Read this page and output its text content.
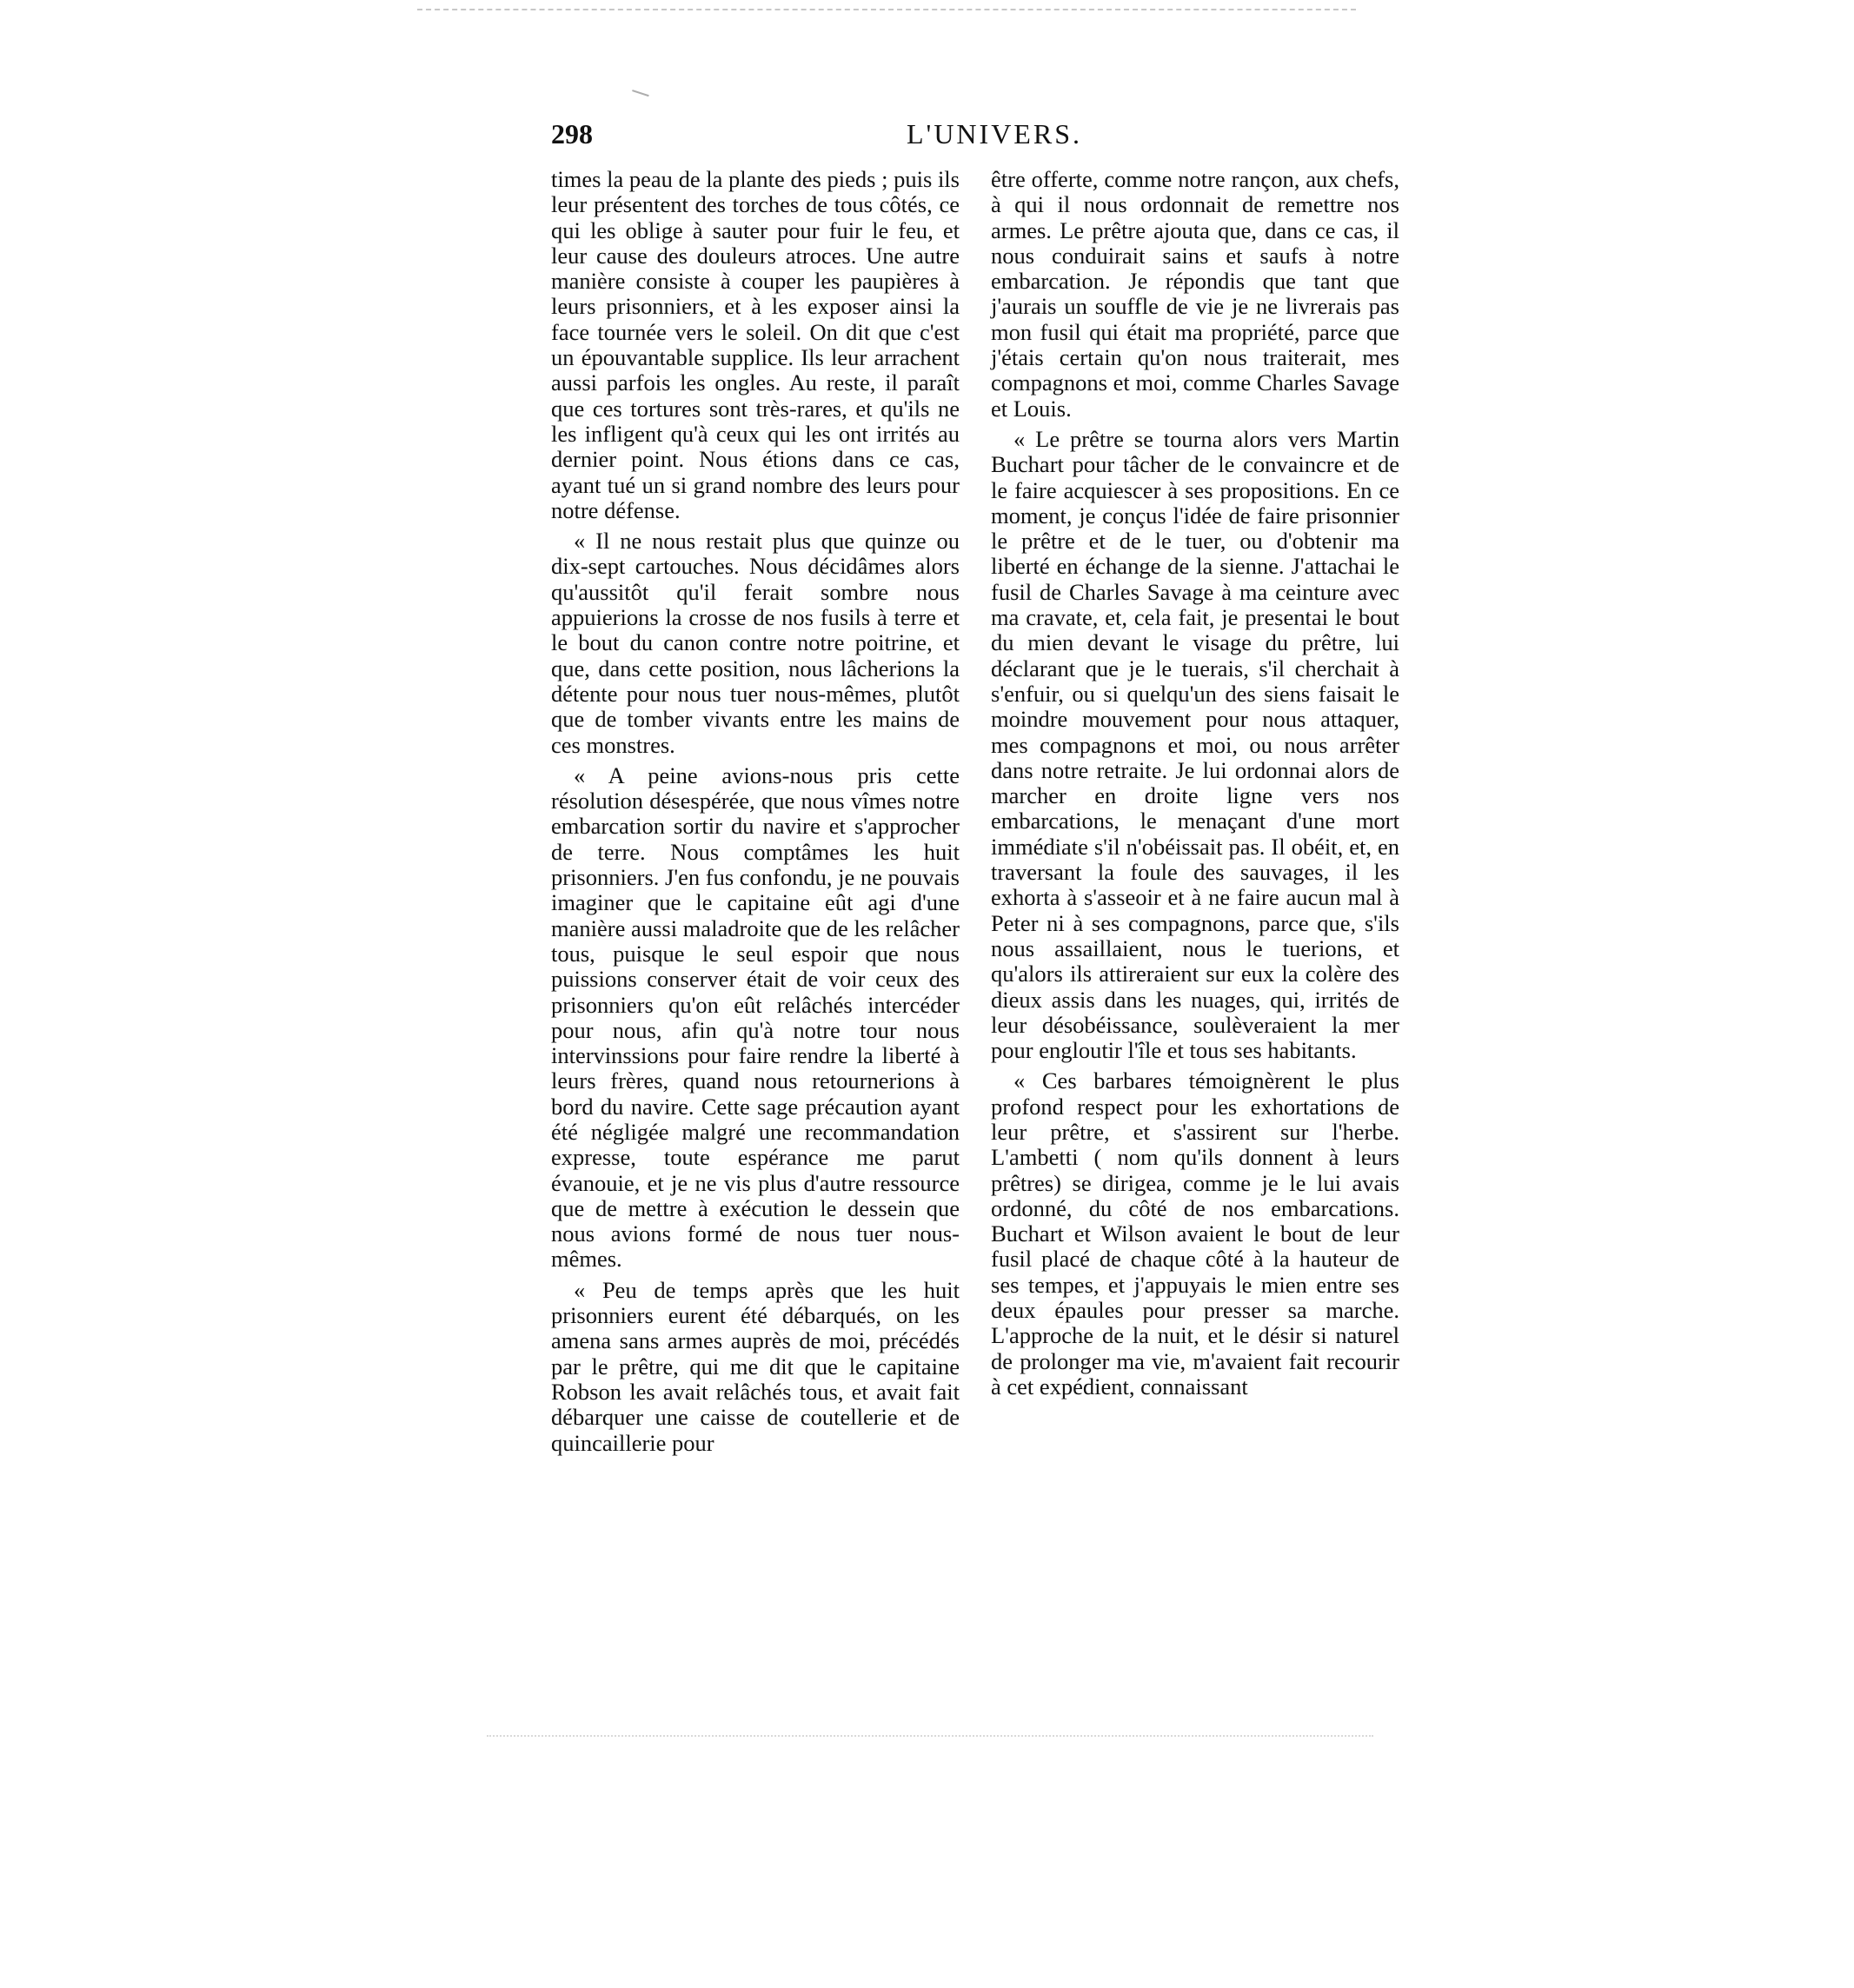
298	L'UNIVERS.

times la peau de la plante des pieds ; puis ils leur présentent des torches de tous côtés, ce qui les oblige à sauter pour fuir le feu, et leur cause des douleurs atroces. Une autre manière consiste à couper les paupières à leurs prisonniers, et à les exposer ainsi la face tournée vers le soleil. On dit que c'est un épouvantable supplice. Ils leur arrachent aussi parfois les ongles. Au reste, il paraît que ces tortures sont très-rares, et qu'ils ne les infligent qu'à ceux qui les ont irrités au dernier point. Nous étions dans ce cas, ayant tué un si grand nombre des leurs pour notre défense.

« Il ne nous restait plus que quinze ou dix-sept cartouches. Nous décidâmes alors qu'aussitôt qu'il ferait sombre nous appuierions la crosse de nos fusils à terre et le bout du canon contre notre poitrine, et que, dans cette position, nous lâcherions la détente pour nous tuer nous-mêmes, plutôt que de tomber vivants entre les mains de ces monstres.

« A peine avions-nous pris cette résolution désespérée, que nous vîmes notre embarcation sortir du navire et s'approcher de terre. Nous comptâmes les huit prisonniers. J'en fus confondu, je ne pouvais imaginer que le capitaine eût agi d'une manière aussi maladroite que de les relâcher tous, puisque le seul espoir que nous puissions conserver était de voir ceux des prisonniers qu'on eût relâchés intercéder pour nous, afin qu'à notre tour nous intervinssions pour faire rendre la liberté à leurs frères, quand nous retournerions à bord du navire. Cette sage précaution ayant été négligée malgré une recommandation expresse, toute espérance me parut évanouie, et je ne vis plus d'autre ressource que de mettre à exécution le dessein que nous avions formé de nous tuer nous-mêmes.

« Peu de temps après que les huit prisonniers eurent été débarqués, on les amena sans armes auprès de moi, précédés par le prêtre, qui me dit que le capitaine Robson les avait relâchés tous, et avait fait débarquer une caisse de coutellerie et de quincaillerie pour

être offerte, comme notre rançon, aux chefs, à qui il nous ordonnait de remettre nos armes. Le prêtre ajouta que, dans ce cas, il nous conduirait sains et saufs à notre embarcation. Je répondis que tant que j'aurais un souffle de vie je ne livrerais pas mon fusil qui était ma propriété, parce que j'étais certain qu'on nous traiterait, mes compagnons et moi, comme Charles Savage et Louis.

« Le prêtre se tourna alors vers Martin Buchart pour tâcher de le convaincre et de le faire acquiescer à ses propositions. En ce moment, je conçus l'idée de faire prisonnier le prêtre et de le tuer, ou d'obtenir ma liberté en échange de la sienne. J'attachai le fusil de Charles Savage à ma ceinture avec ma cravate, et, cela fait, je presentai le bout du mien devant le visage du prêtre, lui déclarant que je le tuerais, s'il cherchait à s'enfuir, ou si quelqu'un des siens faisait le moindre mouvement pour nous attaquer, mes compagnons et moi, ou nous arrêter dans notre retraite. Je lui ordonnai alors de marcher en droite ligne vers nos embarcations, le menaçant d'une mort immédiate s'il n'obéissait pas. Il obéit, et, en traversant la foule des sauvages, il les exhorta à s'asseoir et à ne faire aucun mal à Peter ni à ses compagnons, parce que, s'ils nous assaillaient, nous le tuerions, et qu'alors ils attireraient sur eux la colère des dieux assis dans les nuages, qui, irrités de leur désobéissance, soulèveraient la mer pour engloutir l'île et tous ses habitants.

« Ces barbares témoignèrent le plus profond respect pour les exhortations de leur prêtre, et s'assirent sur l'herbe. L'ambetti ( nom qu'ils donnent à leurs prêtres) se dirigea, comme je le lui avais ordonné, du côté de nos embarcations. Buchart et Wilson avaient le bout de leur fusil placé de chaque côté à la hauteur de ses tempes, et j'appuyais le mien entre ses deux épaules pour presser sa marche. L'approche de la nuit, et le désir si naturel de prolonger ma vie, m'avaient fait recourir à cet expédient, connaissant
